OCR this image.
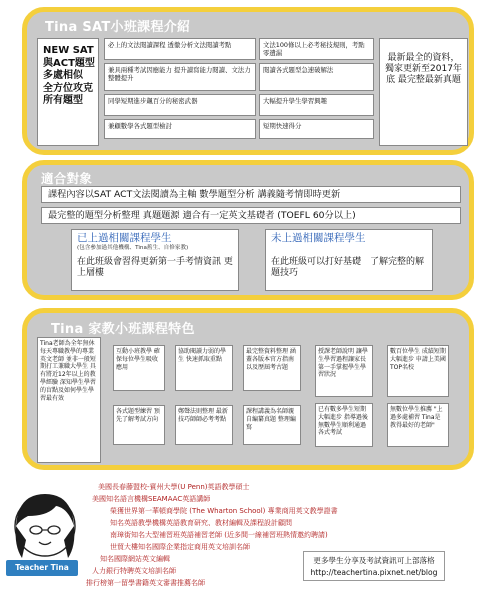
Tina SAT小班課程介紹
NEW SAT 與ACT題型 多處相似 全方位攻克 所有題型
必上的文法閱讀課程 透徹分析文法閱讀考點	文法100條以上必考秘技規則，考點零遺漏
兼具兩種考試因應能力 提升讀寫能力閱讀、文法力整體提升
閱讀各式題型急速破解法
同學短期進步飆百分的秘密武器	大幅提升學生學習興趣
兼顧數學各式題型檢討	短期快速得分
最新最全的資料，獨家更新至2017年底 最完整最新真題
適合對象
課程內容以SAT ACT文法閱讀為主軸 數學題型分析 講義隨考情即時更新
最完整的題型分析整理 真題題源 適合有一定英文基礎者 (TOEFL 60分以上)
已上過相關課程學生
(包含參加過其他機構、Tina舊生、自修家教)
在此班級會習得更新第一手考情資訊 更上層樓
未上過相關課程學生
在此班級可以打好基礎　了解完整的解題技巧
Tina 家教小班課程特色
Tina老師為全年無休每天專職教學的專業英文老師 並非一般短期打工兼職大學生 具有將近12年以上的教學經驗 深知學生學習的盲點及如何學生學習最有效
互動小班教學 確保每位學生吸收應用
各式題型練習 預先了解考試方向
協助閱讀力弱的學生 快速抓取重點
鄭聲法則整理 最新技巧師師必考考點
最完整資料整理 涵蓋各版本官方指南 以及歷屆考古題
課程講義為名師親自編纂真題 整理編寫
授課老師說明 讓學生學習過程讓家長第一手掌握學生學習狀況
已有數多學生短期大幅進步 指導過後無數學生順利通過各式考試
數百位學生 成績短期大幅進步 申請上美國TOP名校
無數位學生推薦 "上過多處補習 Tina是教得最好的老師"
Teacher Tina
美國長春藤盟校-賓州大學(U Penn)英語教學碩士
美國知名語言機構SEAMAAC英語講師
榮獲世界第一華頓商學院 (The Wharton School) 專業商用英文教學證書
知名英語教學機構英語教育研究、教材編輯及課程設計顧問
南璋街知名大型補習班英語補習老師 (近多間一線補習班熱情邀約聘請)
世貿大樓知名國際企業指定商用英文培訓名師
知名國際網站英文編輯
人力銀行特聘英文培訓名師
排行榜第一留學書籍英文審書推薦名師
更多學生分享及考試資訊可上部落格
http://teachertina.pixnet.net/blog
